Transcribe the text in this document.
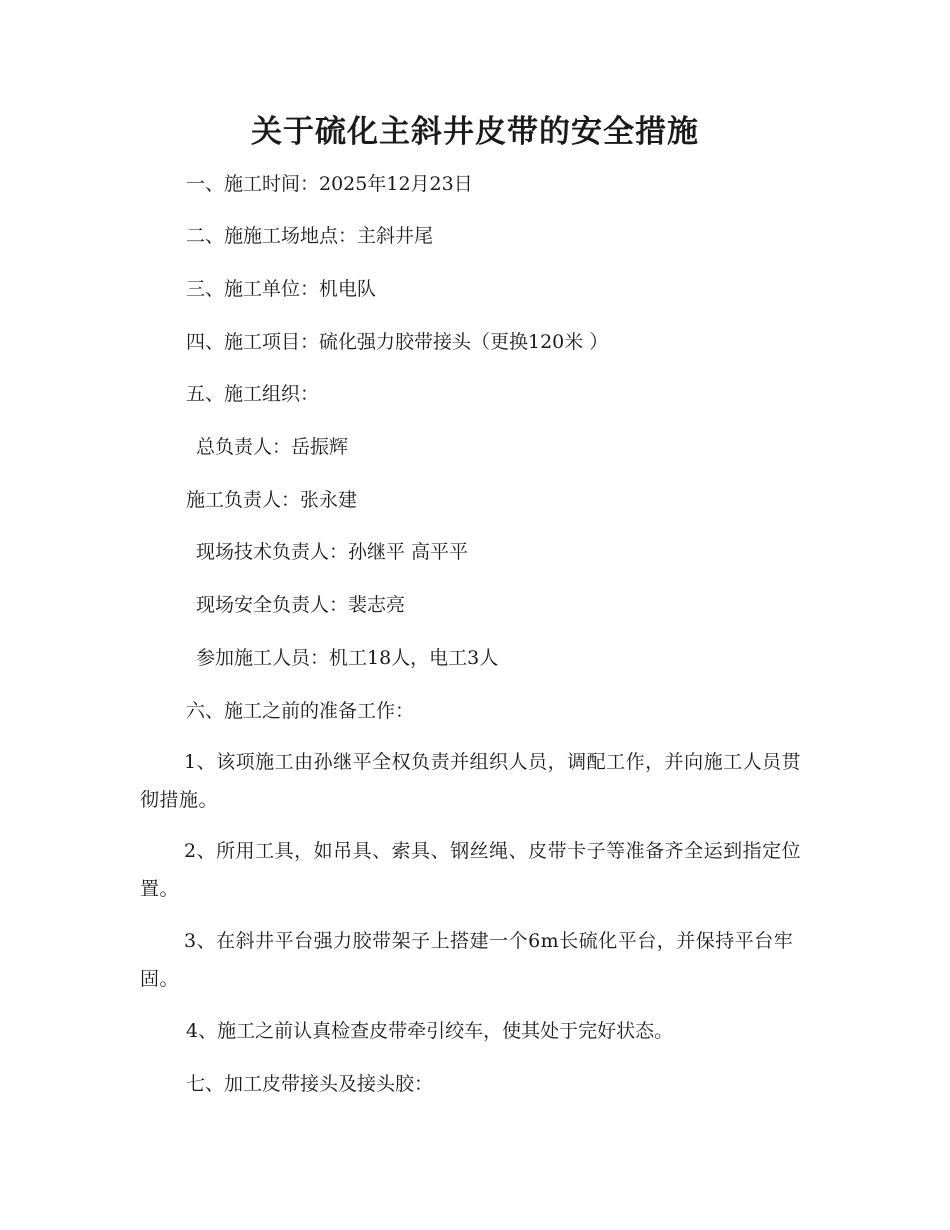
关于硫化主斜井皮带的安全措施

一、施工时间：2025年12月23日

二、施施工场地点：主斜井尾

三、施工单位：机电队

四、施工项目：硫化强力胶带接头（更换120米 ）

五、施工组织：

总负责人：岳振辉

施工负责人：张永建

现场技术负责人：孙继平 高平平

现场安全负责人：裴志亮

参加施工人员：机工18人，电工3人

六、施工之前的准备工作：

1、该项施工由孙继平全权负责并组织人员，调配工作，并向施工人员贯彻措施。

2、所用工具，如吊具、索具、钢丝绳、皮带卡子等准备齐全运到指定位置。

3、在斜井平台强力胶带架子上搭建一个6m长硫化平台，并保持平台牢固。

4、施工之前认真检查皮带牵引绞车，使其处于完好状态。

七、加工皮带接头及接头胶：
